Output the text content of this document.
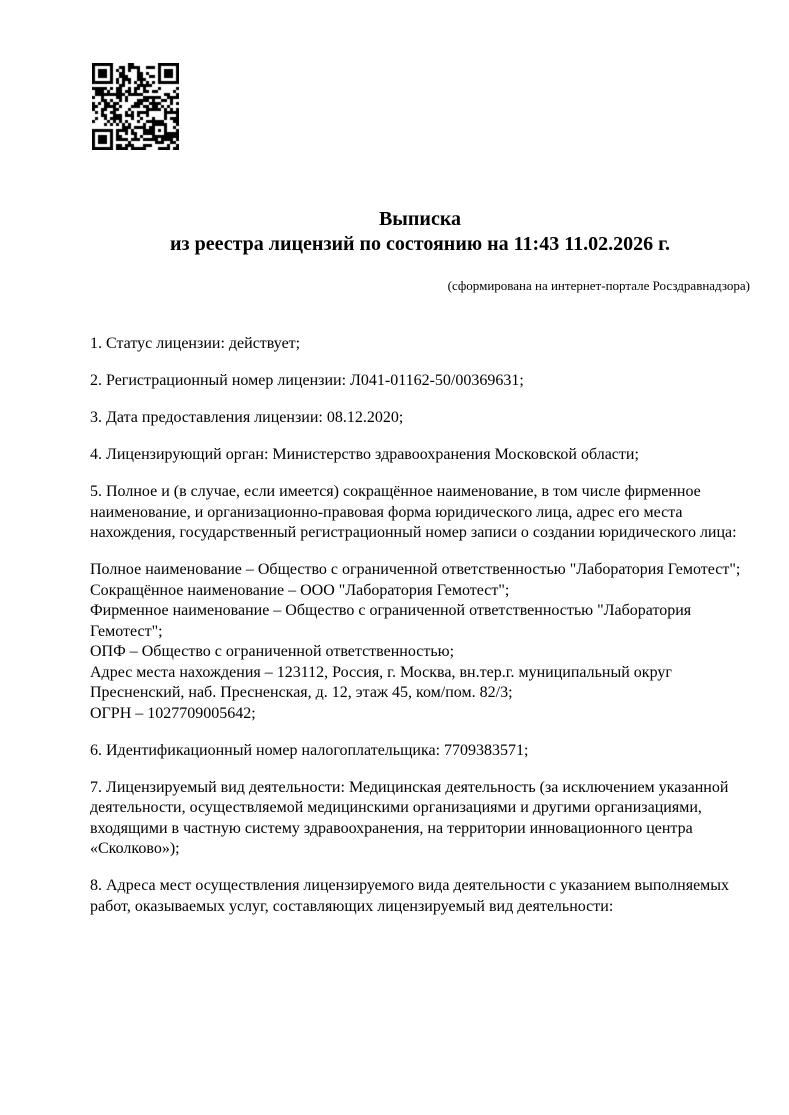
Выписка
из реестра лицензий по состоянию на 11:43 11.02.2026 г.
(сформирована на интернет-портале Росздравнадзора)

1. Статус лицензии: действует;

2. Регистрационный номер лицензии: Л041-01162-50/00369631;

3. Дата предоставления лицензии: 08.12.2020;

4. Лицензирующий орган: Министерство здравоохранения Московской области;

5. Полное и (в случае, если имеется) сокращённое наименование, в том числе фирменное наименование, и организационно-правовая форма юридического лица, адрес его места нахождения, государственный регистрационный номер записи о создании юридического лица:

Полное наименование – Общество с ограниченной ответственностью "Лаборатория Гемотест";

Сокращённое наименование – ООО "Лаборатория Гемотест";

Фирменное наименование – Общество с ограниченной ответственностью "Лаборатория Гемотест";

ОПФ – Общество с ограниченной ответственностью;

Адрес места нахождения – 123112, Россия, г. Москва, вн.тер.г. муниципальный округ Пресненский, наб. Пресненская, д. 12, этаж 45, ком/пом. 82/3;

ОГРН – 1027709005642;

6. Идентификационный номер налогоплательщика: 7709383571;

7. Лицензируемый вид деятельности: Медицинская деятельность (за исключением указанной деятельности, осуществляемой медицинскими организациями и другими организациями, входящими в частную систему здравоохранения, на территории инновационного центра «Сколково»);

8. Адреса мест осуществления лицензируемого вида деятельности с указанием выполняемых работ, оказываемых услуг, составляющих лицензируемый вид деятельности:
